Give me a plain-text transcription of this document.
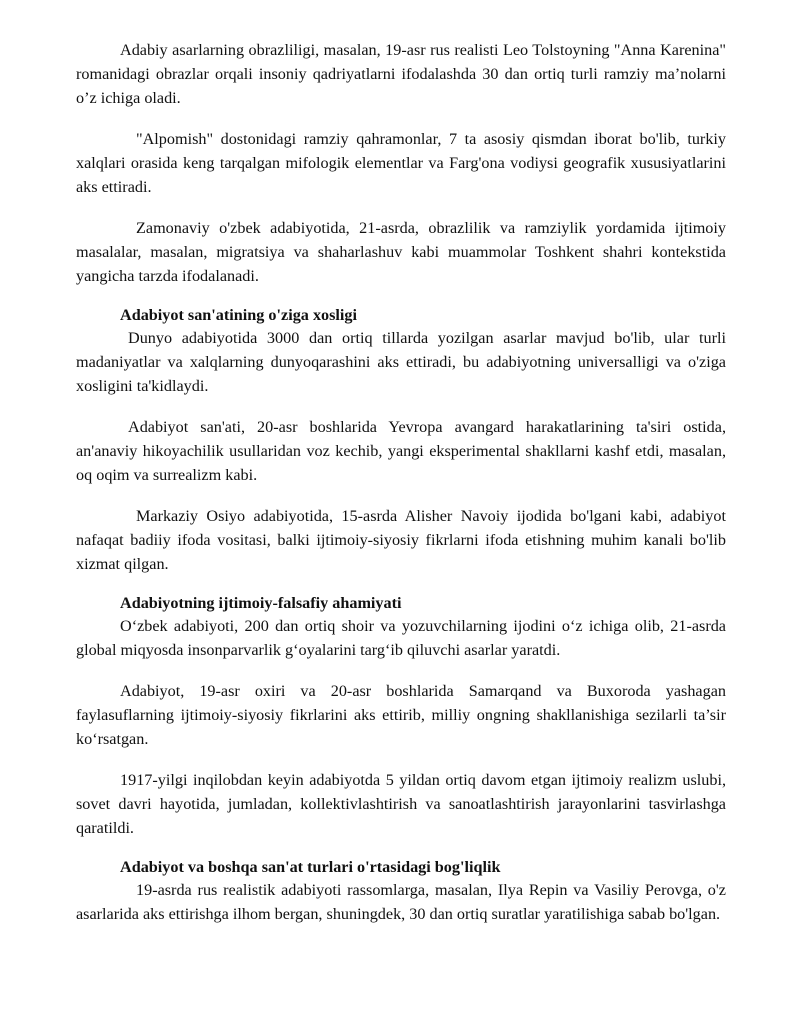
Adabiy asarlarning obrazliligi, masalan, 19-asr rus realisti Leo Tolstoyning "Anna Karenina" romanidagi obrazlar orqali insoniy qadriyatlarni ifodalashda 30 dan ortiq turli ramziy ma’nolarni o’z ichiga oladi.

"Alpomish" dostonidagi ramziy qahramonlar, 7 ta asosiy qismdan iborat bo'lib, turkiy xalqlari orasida keng tarqalgan mifologik elementlar va Farg'ona vodiysi geografik xususiyatlarini aks ettiradi.

Zamonaviy o'zbek adabiyotida, 21-asrda, obrazlilik va ramziylik yordamida ijtimoiy masalalar, masalan, migratsiya va shaharlashuv kabi muammolar Toshkent shahri kontekstida yangicha tarzda ifodalanadi.

Adabiyot san'atining o'ziga xosligi

Dunyo adabiyotida 3000 dan ortiq tillarda yozilgan asarlar mavjud bo'lib, ular turli madaniyatlar va xalqlarning dunyoqarashini aks ettiradi, bu adabiyotning universalligi va o'ziga xosligini ta'kidlaydi.

Adabiyot san'ati, 20-asr boshlarida Yevropa avangard harakatlarining ta'siri ostida, an'anaviy hikoyachilik usullaridan voz kechib, yangi eksperimental shakllarni kashf etdi, masalan, oq oqim va surrealizm kabi.

Markaziy Osiyo adabiyotida, 15-asrda Alisher Navoiy ijodida bo'lgani kabi, adabiyot nafaqat badiiy ifoda vositasi, balki ijtimoiy-siyosiy fikrlarni ifoda etishning muhim kanali bo'lib xizmat qilgan.

Adabiyotning ijtimoiy-falsafiy ahamiyati

O‘zbek adabiyoti, 200 dan ortiq shoir va yozuvchilarning ijodini o‘z ichiga olib, 21-asrda global miqyosda insonparvarlik g‘oyalarini targ‘ib qiluvchi asarlar yaratdi.

Adabiyot, 19-asr oxiri va 20-asr boshlarida Samarqand va Buxoroda yashagan faylasuflarning ijtimoiy-siyosiy fikrlarini aks ettirib, milliy ongning shakllanishiga sezilarli ta’sir ko‘rsatgan.

1917-yilgi inqilobdan keyin adabiyotda 5 yildan ortiq davom etgan ijtimoiy realizm uslubi, sovet davri hayotida, jumladan, kollektivlashtirish va sanoatlashtirish jarayonlarini tasvirlashga qaratildi.

Adabiyot va boshqa san'at turlari o'rtasidagi bog'liqlik

19-asrda rus realistik adabiyoti rassomlarga, masalan, Ilya Repin va Vasiliy Perovga, o'z asarlarida aks ettirishga ilhom bergan, shuningdek, 30 dan ortiq suratlar yaratilishiga sabab bo'lgan.
